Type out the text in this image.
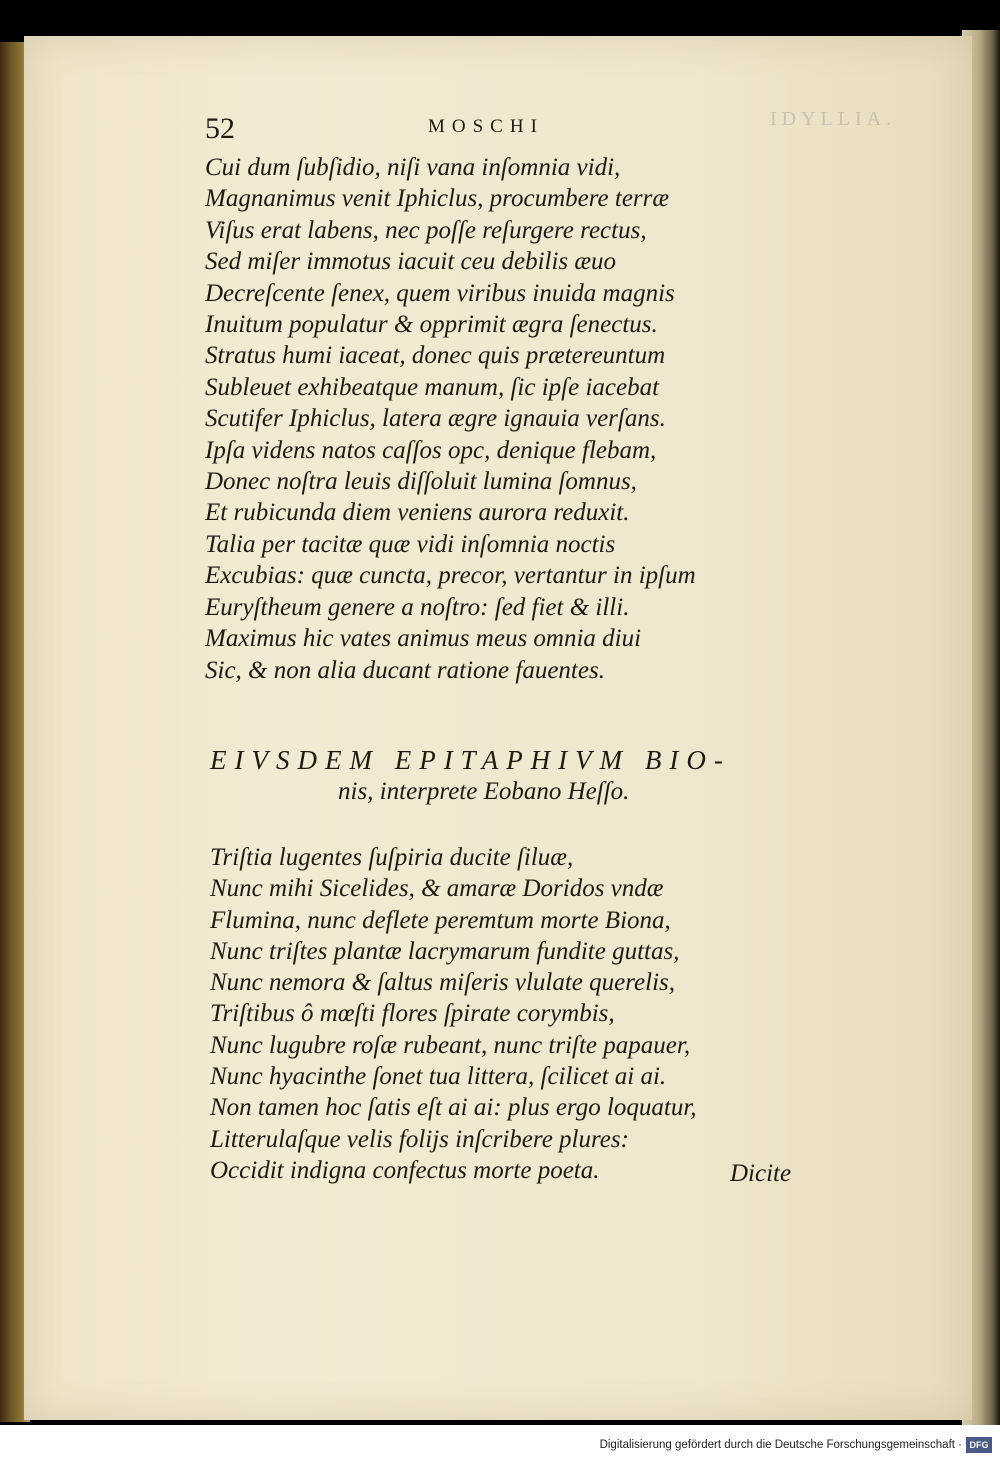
IDYLLIA.
52	MOSCHI
Cui dum ſubſidio, niſi vana inſomnia vidi,
Magnanimus venit Iphiclus, procumbere terræ
Viſus erat labens, nec poſſe reſurgere rectus,
Sed miſer immotus iacuit ceu debilis æuo
Decreſcente ſenex, quem viribus inuida magnis
Inuitum populatur & opprimit ægra ſenectus.
Stratus humi iaceat, donec quis prætereuntum
Subleuet exhibeatque manum, ſic ipſe iacebat
Scutifer Iphiclus, latera ægre ignauia verſans.
Ipſa videns natos caſſos opc, denique flebam,
Donec noſtra leuis diſſoluit lumina ſomnus,
Et rubicunda diem veniens aurora reduxit.
Talia per tacitæ quæ vidi inſomnia noctis
Excubias: quæ cuncta, precor, vertantur in ipſum
Euryſtheum genere a noſtro: ſed fiet & illi.
Maximus hic vates animus meus omnia diui
Sic, & non alia ducant ratione fauentes.
EIVSDEM EPITAPHIVM BIO-
nis, interprete Eobano Heſſo.
Triſtia lugentes ſuſpiria ducite ſiluæ,
Nunc mihi Sicelides, & amaræ Doridos vndæ
Flumina, nunc deflete peremtum morte Biona,
Nunc triſtes plantæ lacrymarum fundite guttas,
Nunc nemora & ſaltus miſeris vlulate querelis,
Triſtibus ô mœſti flores ſpirate corymbis,
Nunc lugubre roſæ rubeant, nunc triſte papauer,
Nunc hyacinthe ſonet tua littera, ſcilicet ai ai.
Non tamen hoc ſatis eſt ai ai: plus ergo loquatur,
Litterulaſque velis folijs inſcribere plures:
Occidit indigna confectus morte poeta.	Dicite
Digitalisierung gefördert durch die Deutsche Forschungsgemeinschaft · DFG
